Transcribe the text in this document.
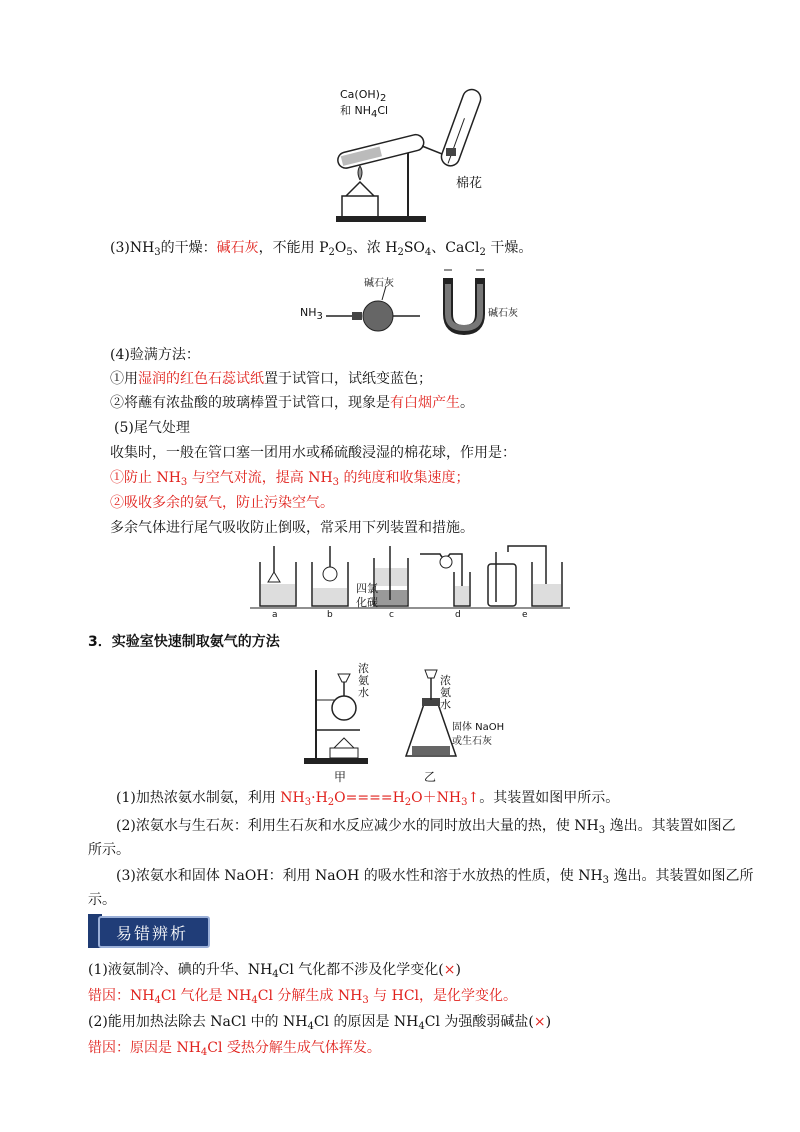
$Ca(OH)_2$
和 $NH_4Cl$
棉花
$(3)NH_3$的干燥：碱石灰，不能用 $P_2O_5$、浓 $H_2SO_4$、CaCl$_2$ 干燥。
$NH_3$
碱石灰
碱石灰
(4)验满方法：
①用湿润的红色石蕊试纸置于试管口，试纸变蓝色；
②将蘸有浓盐酸的玻璃棒置于试管口，现象是有白烟产生。
(5)尾气处理
收集时，一般在管口塞一团用水或稀硫酸浸湿的棉花球，作用是：
①防止 $NH_3$ 与空气对流，提高 $NH_3$ 的纯度和收集速度；
②吸收多余的氨气，防止污染空气。
多余气体进行尾气吸收防止倒吸，常采用下列装置和措施。
四氯
化碳
a	b	c	d	e
3．实验室快速制取氨气的方法
浓
氨
水
浓
氨
水
固体 NaOH
或生石灰
甲	乙
(1)加热浓氨水制氨，利用 $NH_3\cdot H_2O====H_2O+NH_3↑$。其装置如图甲所示。
(2)浓氨水与生石灰：利用生石灰和水反应减少水的同时放出大量的热，使 $NH_3$ 逸出。其装置如图乙
所示。
(3)浓氨水和固体 NaOH：利用 NaOH 的吸水性和溶于水放热的性质，使 $NH_3$ 逸出。其装置如图乙所
示。
易错辨析
(1)液氨制冷、碘的升华、$NH_4Cl$ 气化都不涉及化学变化(×)
错因：$NH_4Cl$ 气化是 $NH_4Cl$ 分解生成 $NH_3$ 与 HCl，是化学变化。
(2)能用加热法除去 NaCl 中的 $NH_4Cl$ 的原因是 $NH_4Cl$ 为强酸弱碱盐(×)
错因：原因是 $NH_4Cl$ 受热分解生成气体挥发。
